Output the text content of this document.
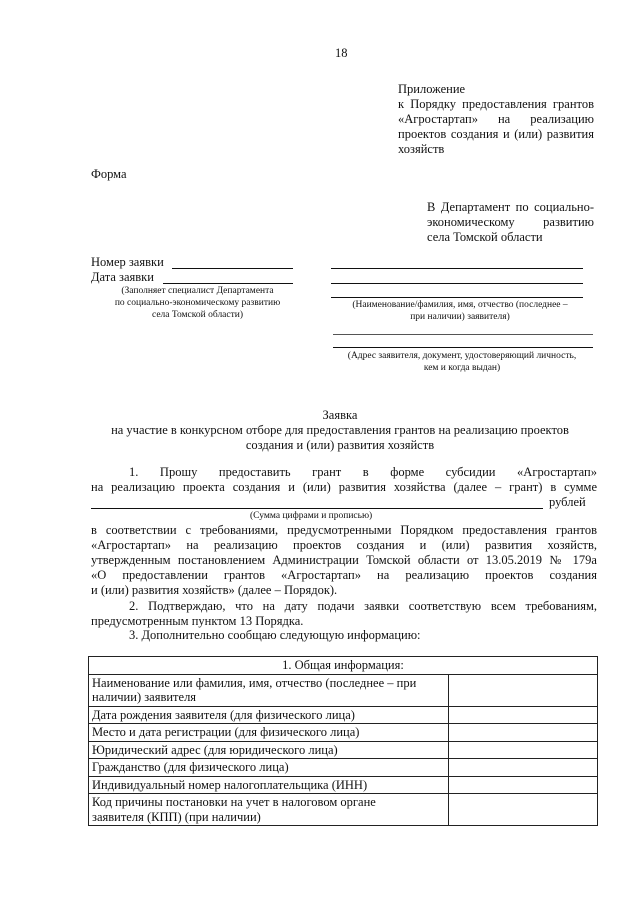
18
Приложение
к Порядку предоставления грантов
«Агростартап» на реализацию
проектов создания и (или) развития
хозяйств
Форма
В Департамент по социально-
экономическому развитию
села Томской области
Номер заявки
Дата заявки
(Заполняет специалист Департамента
по социально-экономическому развитию
села Томской области)
(Наименование/фамилия, имя, отчество (последнее –
при наличии) заявителя)
(Адрес заявителя, документ, удостоверяющий личность,
кем и когда выдан)
Заявка
на участие в конкурсном отборе для предоставления грантов на реализацию проектов
создания и (или) развития хозяйств
1. Прошу предоставить грант в форме субсидии «Агростартап»
на реализацию проекта создания и (или) развития хозяйства (далее – грант) в сумме
рублей
(Сумма цифрами и прописью)
в соответствии с требованиями, предусмотренными Порядком предоставления грантов
«Агростартап» на реализацию проектов создания и (или) развития хозяйств,
утвержденным постановлением Администрации Томской области от 13.05.2019 № 179а
«О предоставлении грантов «Агростартап» на реализацию проектов создания
и (или) развития хозяйств» (далее – Порядок).
2. Подтверждаю, что на дату подачи заявки соответствую всем требованиям,
предусмотренным пунктом 13 Порядка.
3. Дополнительно сообщаю следующую информацию:
1. Общая информация:	
Наименование или фамилия, имя, отчество (последнее – при наличии) заявителя	
Дата рождения заявителя (для физического лица)	
Место и дата регистрации (для физического лица)	
Юридический адрес (для юридического лица)	
Гражданство (для физического лица)	
Индивидуальный номер налогоплательщика (ИНН)	
Код причины постановки на учет в налоговом органе заявителя (КПП) (при наличии)	
